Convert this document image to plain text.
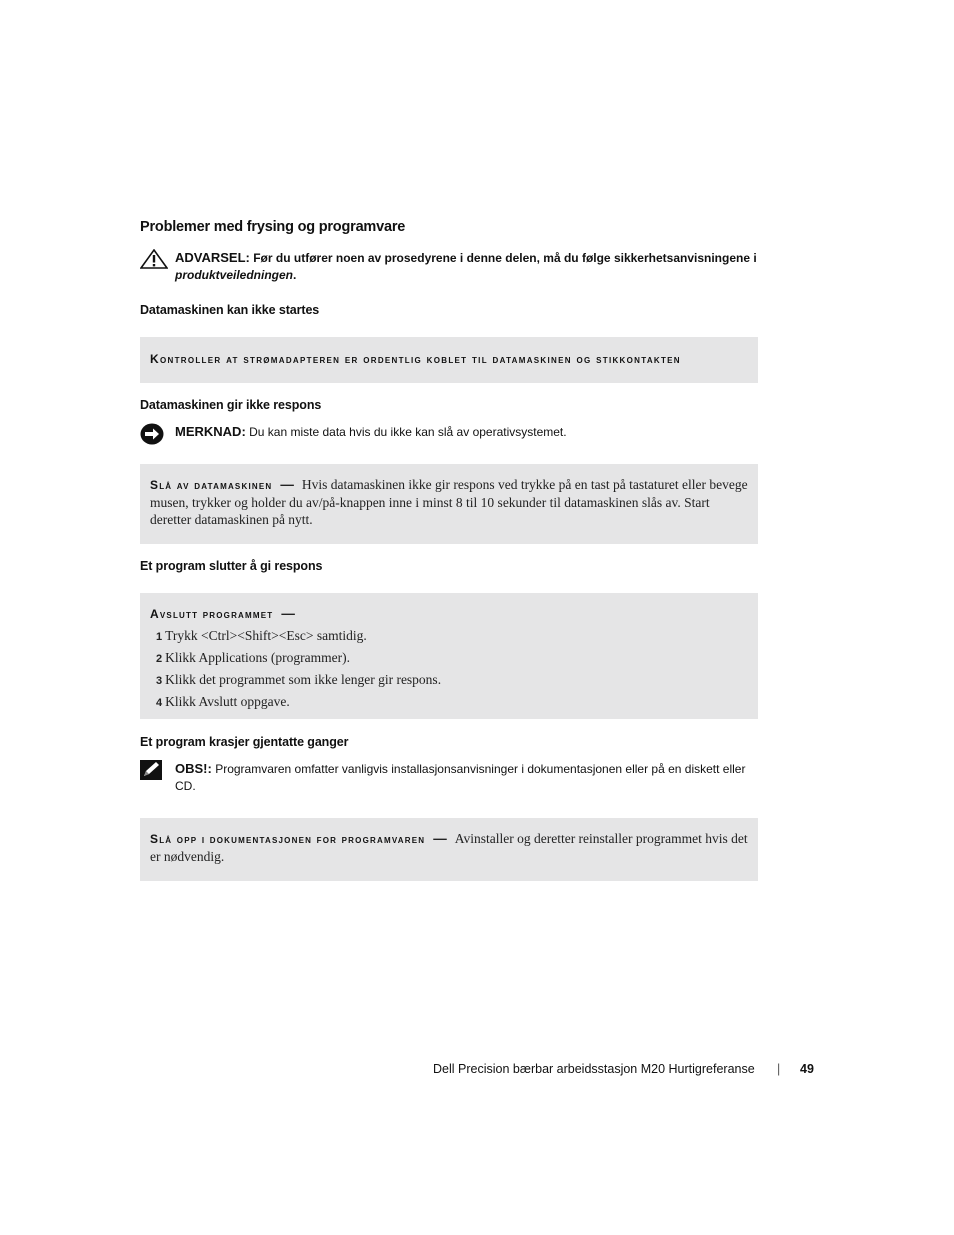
Problemer med frysing og programvare
ADVARSEL: Før du utfører noen av prosedyrene i denne delen, må du følge sikkerhetsanvisningene i produktveiledningen.
Datamaskinen kan ikke startes
Kontroller at strømadapteren er ordentlig koblet til datamaskinen og stikkontakten
Datamaskinen gir ikke respons
MERKNAD: Du kan miste data hvis du ikke kan slå av operativsystemet.
Slå av datamaskinen — Hvis datamaskinen ikke gir respons ved trykke på en tast på tastaturet eller bevege musen, trykker og holder du av/på-knappen inne i minst 8 til 10 sekunder til datamaskinen slås av. Start deretter datamaskinen på nytt.
Et program slutter å gi respons
Avslutt programmet —
1 Trykk <Ctrl><Shift><Esc> samtidig.
2 Klikk Applications (programmer).
3 Klikk det programmet som ikke lenger gir respons.
4 Klikk Avslutt oppgave.
Et program krasjer gjentatte ganger
OBS!: Programvaren omfatter vanligvis installasjonsanvisninger i dokumentasjonen eller på en diskett eller CD.
Slå opp i dokumentasjonen for programvaren — Avinstaller og deretter reinstaller programmet hvis det er nødvendig.
Dell Precision bærbar arbeidsstasjon M20 Hurtigreferanse | 49
